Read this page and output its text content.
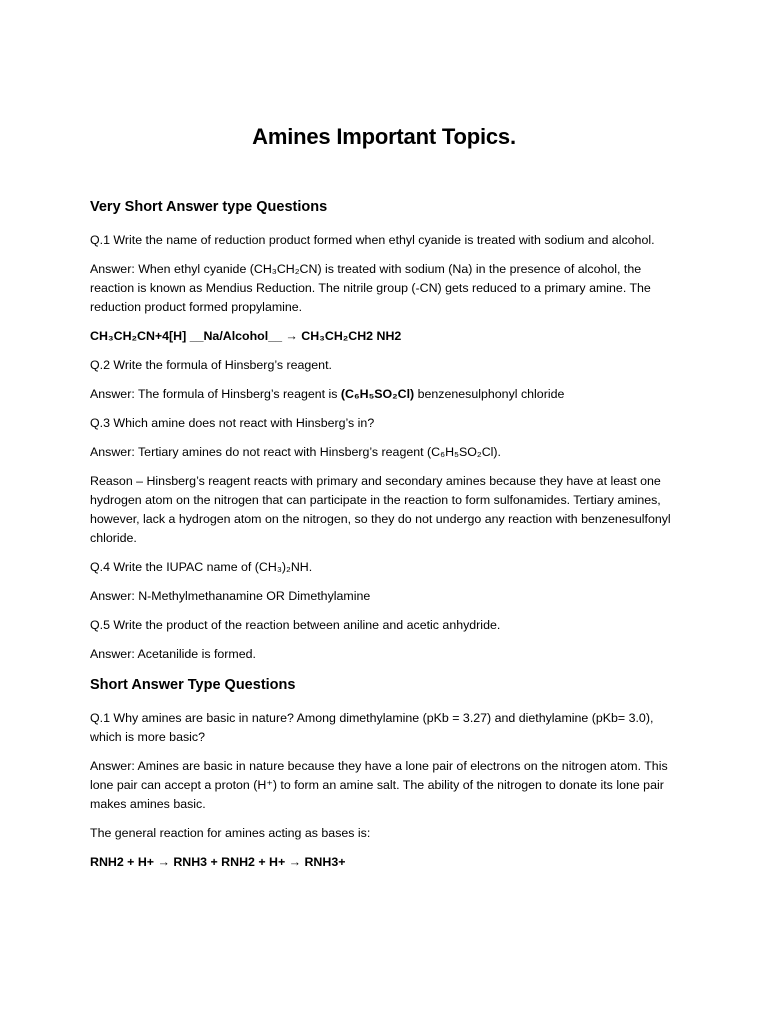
Amines Important Topics.
Very Short Answer type Questions

Q.1 Write the name of reduction product formed when ethyl cyanide is treated with sodium and alcohol.

Answer: When ethyl cyanide (CH₃CH₂CN) is treated with sodium (Na) in the presence of alcohol, the reaction is known as Mendius Reduction. The nitrile group (-CN) gets reduced to a primary amine. The reduction product formed propylamine.

CH₃CH₂CN+4[H] __Na/Alcohol__ → CH₃CH₂CH2 NH2

Q.2 Write the formula of Hinsberg’s reagent.

Answer: The formula of Hinsberg’s reagent is (C₆H₅SO₂Cl) benzenesulphonyl chloride

Q.3 Which amine does not react with Hinsberg’s in?

Answer: Tertiary amines do not react with Hinsberg’s reagent (C₆H₅SO₂Cl).

Reason – Hinsberg’s reagent reacts with primary and secondary amines because they have at least one hydrogen atom on the nitrogen that can participate in the reaction to form sulfonamides. Tertiary amines, however, lack a hydrogen atom on the nitrogen, so they do not undergo any reaction with benzenesulfonyl chloride.

Q.4 Write the IUPAC name of (CH₃)₂NH.

Answer: N-Methylmethanamine OR Dimethylamine

Q.5 Write the product of the reaction between aniline and acetic anhydride.

Answer: Acetanilide is formed.

Short Answer Type Questions

Q.1 Why amines are basic in nature? Among dimethylamine (pKb = 3.27) and diethylamine (pKb= 3.0), which is more basic?

Answer: Amines are basic in nature because they have a lone pair of electrons on the nitrogen atom. This lone pair can accept a proton (H⁺) to form an amine salt. The ability of the nitrogen to donate its lone pair makes amines basic.

The general reaction for amines acting as bases is:

RNH2 + H+ → RNH3 + RNH2 + H+ → RNH3+
